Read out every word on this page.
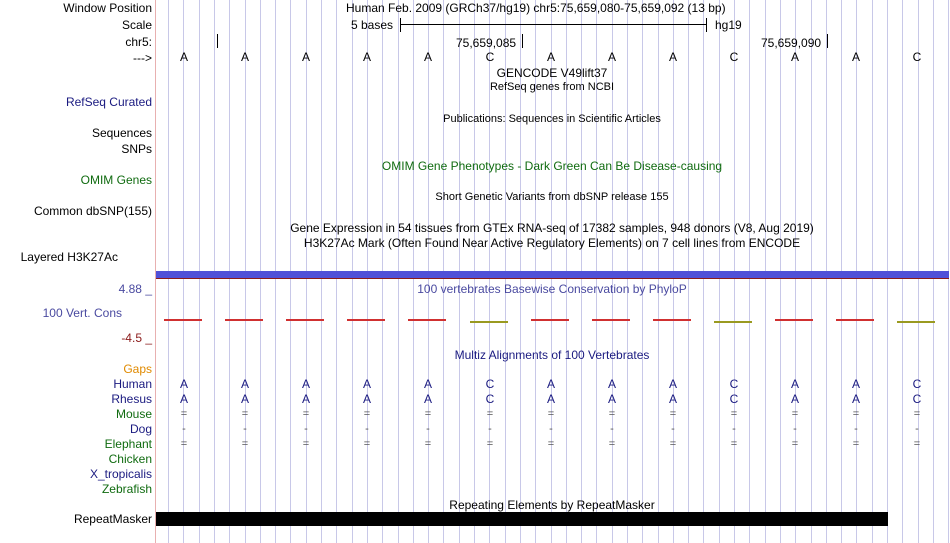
Window Position	Human Feb. 2009 (GRCh37/hg19) chr5:75,659,080-75,659,092 (13 bp)
Scale	5 bases	hg19
chr5:	75,659,085	75,659,090
---> A	A	A	A	A	C	A	A	A	C	A	A	C
GENCODE V49lift37
RefSeq genes from NCBI
RefSeq Curated
Publications: Sequences in Scientific Articles
Sequences
SNPs
OMIM Gene Phenotypes - Dark Green Can Be Disease-causing
OMIM Genes
Short Genetic Variants from dbSNP release 155
Common dbSNP(155)
Gene Expression in 54 tissues from GTEx RNA-seq of 17382 samples, 948 donors (V8, Aug 2019)
H3K27Ac Mark (Often Found Near Active Regulatory Elements) on 7 cell lines from ENCODE
Layered H3K27Ac
4.88 _	100 vertebrates Basewise Conservation by PhyloP
100 Vert. Cons
-4.5 _
Multiz Alignments of 100 Vertebrates
Gaps
Human A	A	A	A	A	C	A	A	A	C	A	A	C
Rhesus A	A	A	A	A	C	A	A	A	C	A	A	C
Mouse	=	=	=	=	=	=	=	=	=	=	=	=	=
Dog	-	-	-	-	-	-	-	-	-	-	-	-	-
Elephant	=	=	=	=	=	=	=	=	=	=	=	=	=
Chicken
X_tropicalis
Zebrafish
Repeating Elements by RepeatMasker
RepeatMasker
